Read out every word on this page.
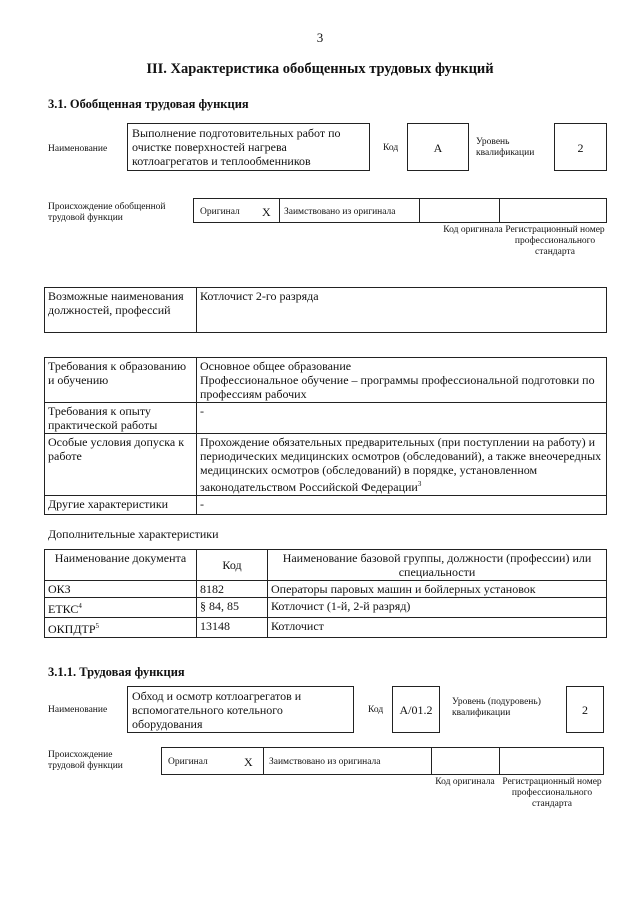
3
III. Характеристика обобщенных трудовых функций
3.1. Обобщенная трудовая функция
Наименование
Выполнение подготовительных работ по очистке поверхностей нагрева котлоагрегатов и теплообменников
Код	А	Уровень квалификации	2
Происхождение обобщенной трудовой функции
Оригинал Х Заимствовано из оригинала
Код оригинала Регистрационный номер профессионального стандарта
Возможные наименования должностей, профессий	Котлочист 2-го разряда
Требования к образованию и обучению	Основное общее образование
Профессиональное обучение – программы профессиональной подготовки по профессиям рабочих
Требования к опыту практической работы	-
Особые условия допуска к работе	Прохождение обязательных предварительных (при поступлении на работу) и периодических медицинских осмотров (обследований), а также внеочередных медицинских осмотров (обследований) в порядке, установленном законодательством Российской Федерации$^3$
Другие характеристики	-
Дополнительные характеристики
Наименование документа	Код	Наименование базовой группы, должности (профессии) или специальности
ОКЗ	8182	Операторы паровых машин и бойлерных установок
ЕТКС$^4$	§ 84, 85	Котлочист (1-й, 2-й разряд)
ОКПДТР$^5$	13148	Котлочист
3.1.1. Трудовая функция
Наименование
Обход и осмотр котлоагрегатов и вспомогательного котельного оборудования
Код	А/01.2
Уровень (подуровень) квалификации	2
Происхождение трудовой функции	Оригинал	Х Заимствовано из оригинала
Код оригинала Регистрационный номер профессионального стандарта
